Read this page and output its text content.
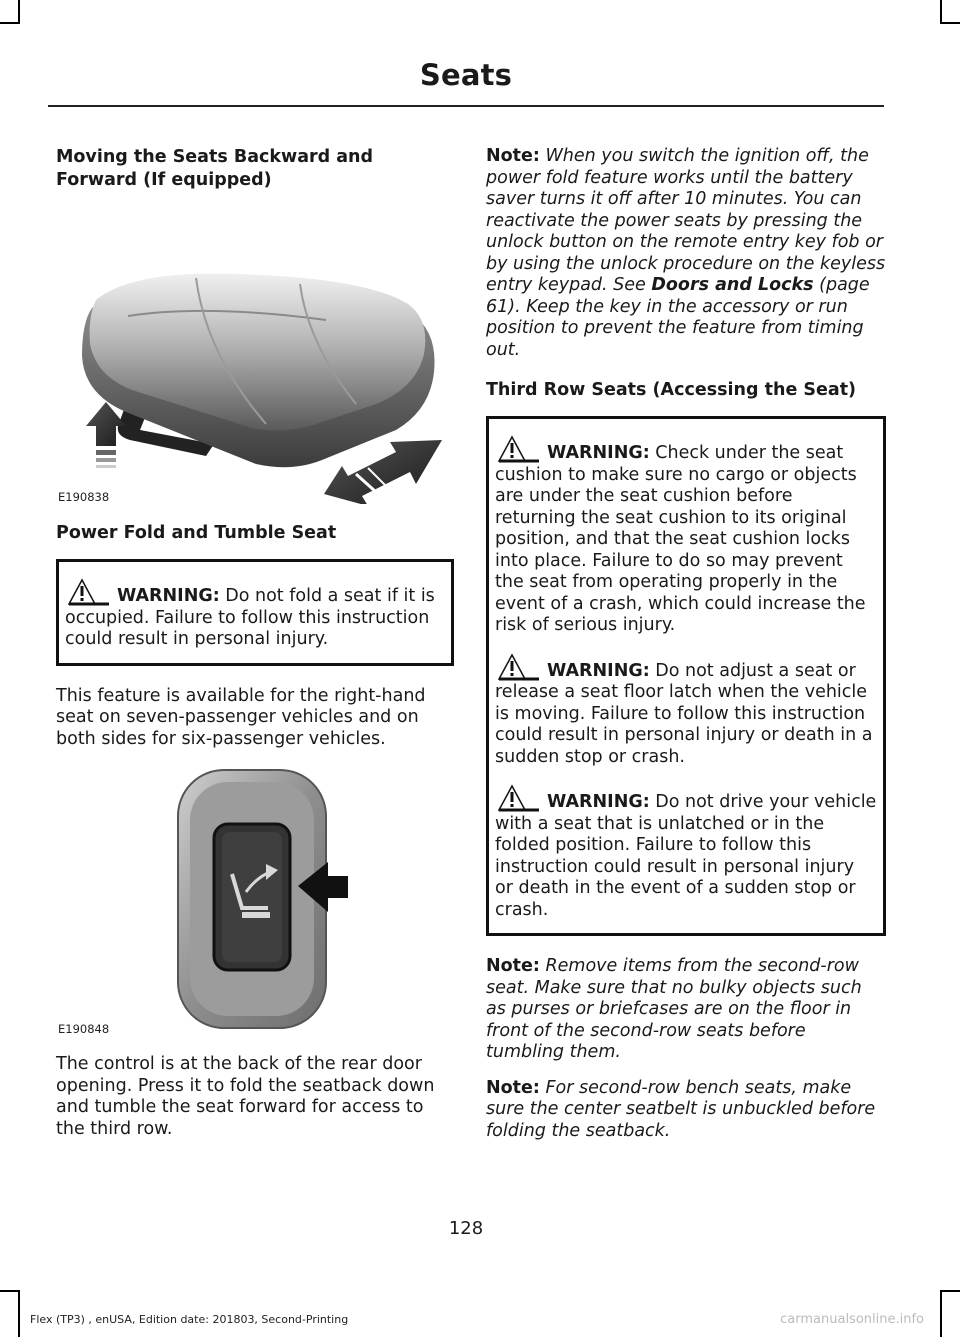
Seats
Moving the Seats Backward and Forward (If equipped)
E190838
Power Fold and Tumble Seat

WARNING: Do not fold a seat if it is occupied. Failure to follow this instruction could result in personal injury.

This feature is available for the right-hand seat on seven-passenger vehicles and on both sides for six-passenger vehicles.

E190848

The control is at the back of the rear door opening. Press it to fold the seatback down and tumble the seat forward for access to the third row.

Note: When you switch the ignition off, the power fold feature works until the battery saver turns it off after 10 minutes. You can reactivate the power seats by pressing the unlock button on the remote entry key fob or by using the unlock procedure on the keyless entry keypad. See Doors and Locks (page 61). Keep the key in the accessory or run position to prevent the feature from timing out.

Third Row Seats (Accessing the Seat)

WARNING: Check under the seat cushion to make sure no cargo or objects are under the seat cushion before returning the seat cushion to its original position, and that the seat cushion locks into place. Failure to do so may prevent the seat from operating properly in the event of a crash, which could increase the risk of serious injury.

WARNING: Do not adjust a seat or release a seat floor latch when the vehicle is moving. Failure to follow this instruction could result in personal injury or death in a sudden stop or crash.

WARNING: Do not drive your vehicle with a seat that is unlatched or in the folded position. Failure to follow this instruction could result in personal injury or death in the event of a sudden stop or crash.

Note: Remove items from the second-row seat. Make sure that no bulky objects such as purses or briefcases are on the floor in front of the second-row seats before tumbling them.

Note: For second-row bench seats, make sure the center seatbelt is unbuckled before folding the seatback.

128
Flex (TP3) , enUSA, Edition date: 201803, Second-Printing	carmanualsonline.info
